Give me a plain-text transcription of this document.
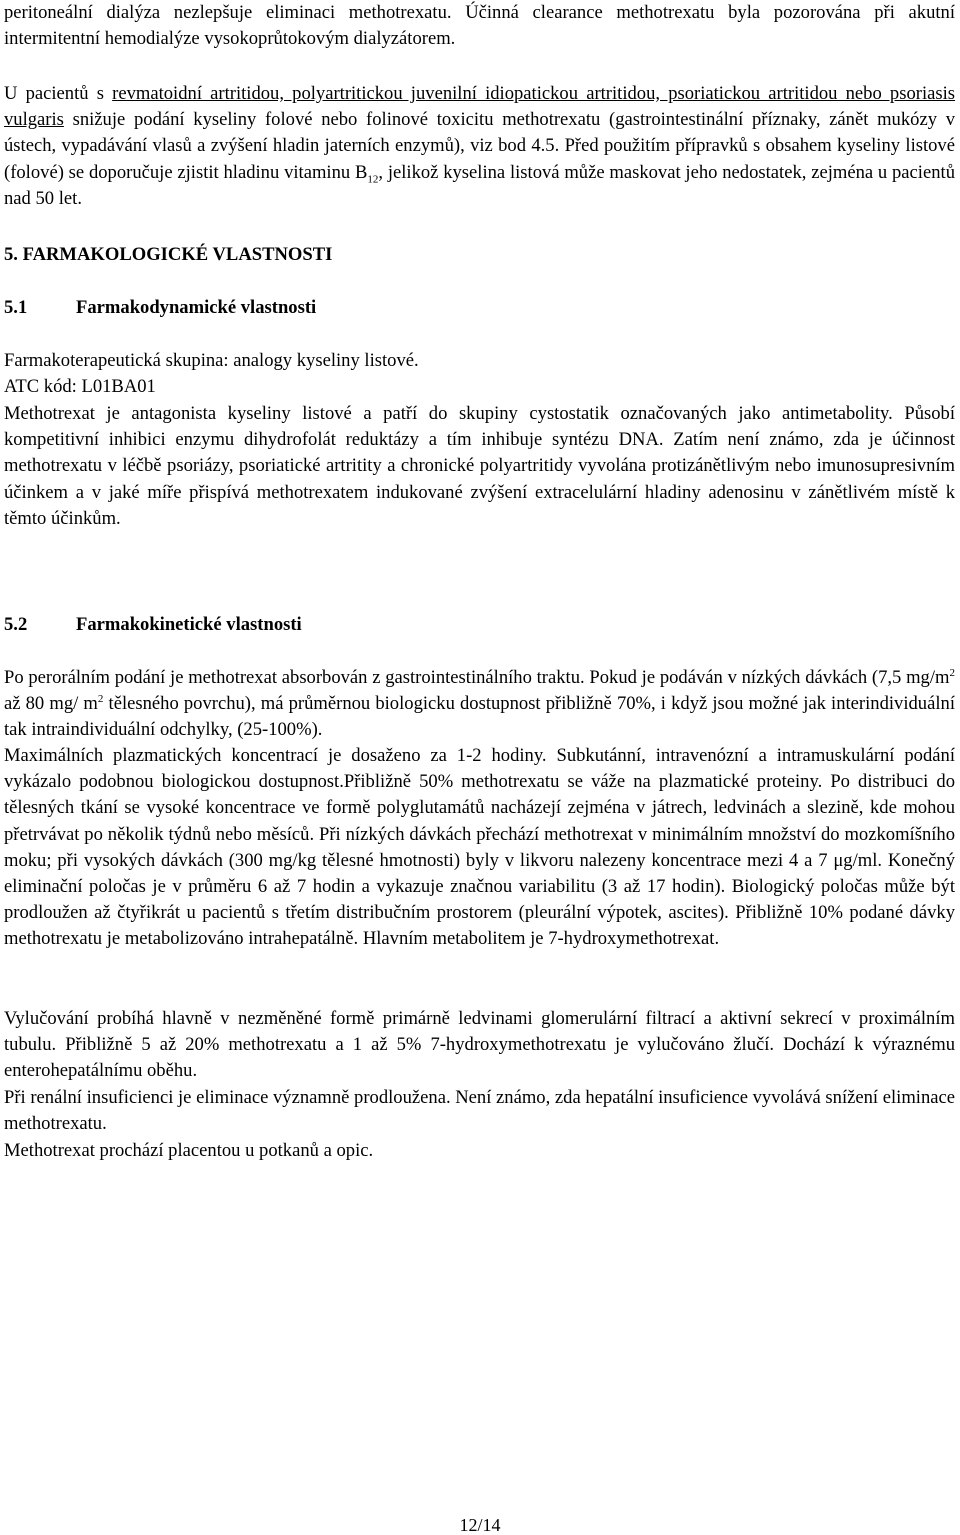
peritoneální dialýza nezlepšuje eliminaci methotrexatu. Účinná clearance methotrexatu byla pozorována při akutní intermitentní hemodialýze vysokoprůtokovým dialyzátorem.

U pacientů s revmatoidní artritidou, polyartritickou juvenilní idiopatickou artritidou, psoriatickou artritidou nebo psoriasis vulgaris snižuje podání kyseliny folové nebo folinové toxicitu methotrexatu (gastrointestinální příznaky, zánět mukózy v ústech, vypadávání vlasů a zvýšení hladin jaterních enzymů), viz bod 4.5. Před použitím přípravků s obsahem kyseliny listové (folové) se doporučuje zjistit hladinu vitaminu $B_{12}$, jelikož kyselina listová může maskovat jeho nedostatek, zejména u pacientů nad 50 let.

5. FARMAKOLOGICKÉ VLASTNOSTI
5.1	Farmakodynamické vlastnosti

Farmakoterapeutická skupina: analogy kyseliny listové.

ATC kód: L01BA01

Methotrexat je antagonista kyseliny listové a patří do skupiny cystostatik označovaných jako antimetabolity. Působí kompetitivní inhibici enzymu dihydrofolát reduktázy a tím inhibuje syntézu DNA. Zatím není známo, zda je účinnost methotrexatu v léčbě psoriázy, psoriatické artritity a chronické polyartritidy vyvolána protizánětlivým nebo imunosupresivním účinkem a v jaké míře přispívá methotrexatem indukované zvýšení extracelulární hladiny adenosinu v zánětlivém místě k těmto účinkům.

5.2	Farmakokinetické vlastnosti

Po perorálním podání je methotrexat absorbován z gastrointestinálního traktu. Pokud je podáván v nízkých dávkách (7,5 $mg/m^2$ až 80 mg/ $m^2$ tělesného povrchu), má průměrnou biologicku dostupnost přibližně 70%, i když jsou možné jak interindividuální tak intraindividuální odchylky, (25-100%).

Maximálních plazmatických koncentrací je dosaženo za 1-2 hodiny. Subkutánní, intravenózní a intramuskulární podání vykázalo podobnou biologickou dostupnost.Přibližně 50% methotrexatu se váže na plazmatické proteiny. Po distribuci do tělesných tkání se vysoké koncentrace ve formě polyglutamátů nacházejí zejména v játrech, ledvinách a slezině, kde mohou přetrvávat po několik týdnů nebo měsíců. Při nízkých dávkách přechází methotrexat v minimálním množství do mozkomíšního moku; při vysokých dávkách (300 mg/kg tělesné hmotnosti) byly v likvoru nalezeny koncentrace mezi 4 a 7 μg/ml. Konečný eliminační poločas je v průměru 6 až 7 hodin a vykazuje značnou variabilitu (3 až 17 hodin). Biologický poločas může být prodloužen až čtyřikrát u pacientů s třetím distribučním prostorem (pleurální výpotek, ascites). Přibližně 10% podané dávky methotrexatu je metabolizováno intrahepatálně. Hlavním metabolitem je 7-hydroxymethotrexat.

Vylučování probíhá hlavně v nezměněné formě primárně ledvinami glomerulární filtrací a aktivní sekrecí v proximálním tubulu. Přibližně 5 až 20% methotrexatu a 1 až 5% 7-hydroxymethotrexatu je vylučováno žlučí. Dochází k výraznému enterohepatálnímu oběhu.

Při renální insuficienci je eliminace významně prodloužena. Není známo, zda hepatální insuficience vyvolává snížení eliminace methotrexatu.

Methotrexat prochází placentou u potkanů a opic.

12/14
